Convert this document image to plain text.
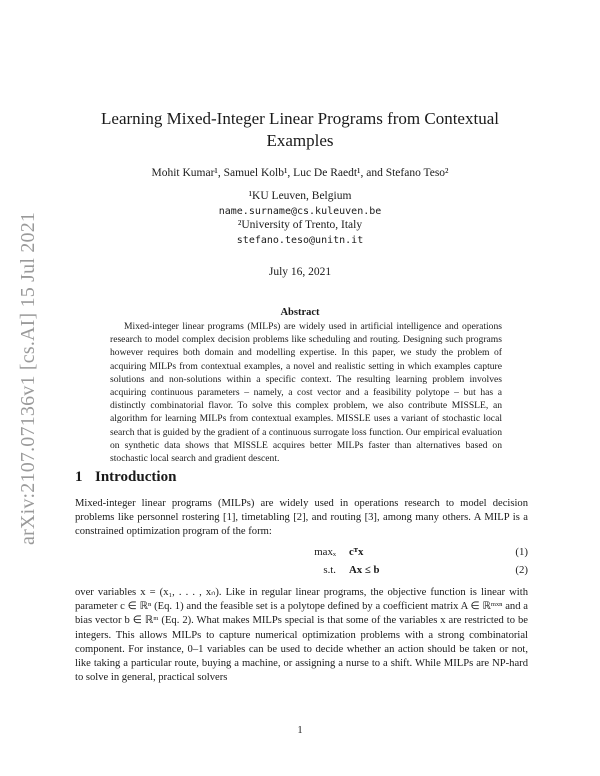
arXiv:2107.07136v1 [cs.AI] 15 Jul 2021
Learning Mixed-Integer Linear Programs from Contextual Examples
Mohit Kumar¹, Samuel Kolb¹, Luc De Raedt¹, and Stefano Teso²
¹KU Leuven, Belgium
name.surname@cs.kuleuven.be
²University of Trento, Italy
stefano.teso@unitn.it
July 16, 2021
Abstract

Mixed-integer linear programs (MILPs) are widely used in artificial intelligence and operations research to model complex decision problems like scheduling and routing. Designing such programs however requires both domain and modelling expertise. In this paper, we study the problem of acquiring MILPs from contextual examples, a novel and realistic setting in which examples capture solutions and non-solutions within a specific context. The resulting learning problem involves acquiring continuous parameters – namely, a cost vector and a feasibility polytope – but has a distinctly combinatorial flavor. To solve this complex problem, we also contribute MISSLE, an algorithm for learning MILPs from contextual examples. MISSLE uses a variant of stochastic local search that is guided by the gradient of a continuous surrogate loss function. Our empirical evaluation on synthetic data shows that MISSLE acquires better MILPs faster than alternatives based on stochastic local search and gradient descent.

1 Introduction

Mixed-integer linear programs (MILPs) are widely used in operations research to model decision problems like personnel rostering [1], timetabling [2], and routing [3], among many others. A MILP is a constrained optimization program of the form:

maxₓ cᵀx	(1)
s.t. Ax ≤ b	(2)

over variables x = (x₁, . . . , xₙ). Like in regular linear programs, the objective function is linear with parameter c ∈ ℝⁿ (Eq. 1) and the feasible set is a polytope defined by a coefficient matrix A ∈ ℝᵐˣⁿ and a bias vector b ∈ ℝᵐ (Eq. 2). What makes MILPs special is that some of the variables x are restricted to be integers. This allows MILPs to capture numerical optimization problems with a strong combinatorial component. For instance, 0–1 variables can be used to decide whether an action should be taken or not, like taking a particular route, buying a machine, or assigning a nurse to a shift. While MILPs are NP-hard to solve in general, practical solvers

1
